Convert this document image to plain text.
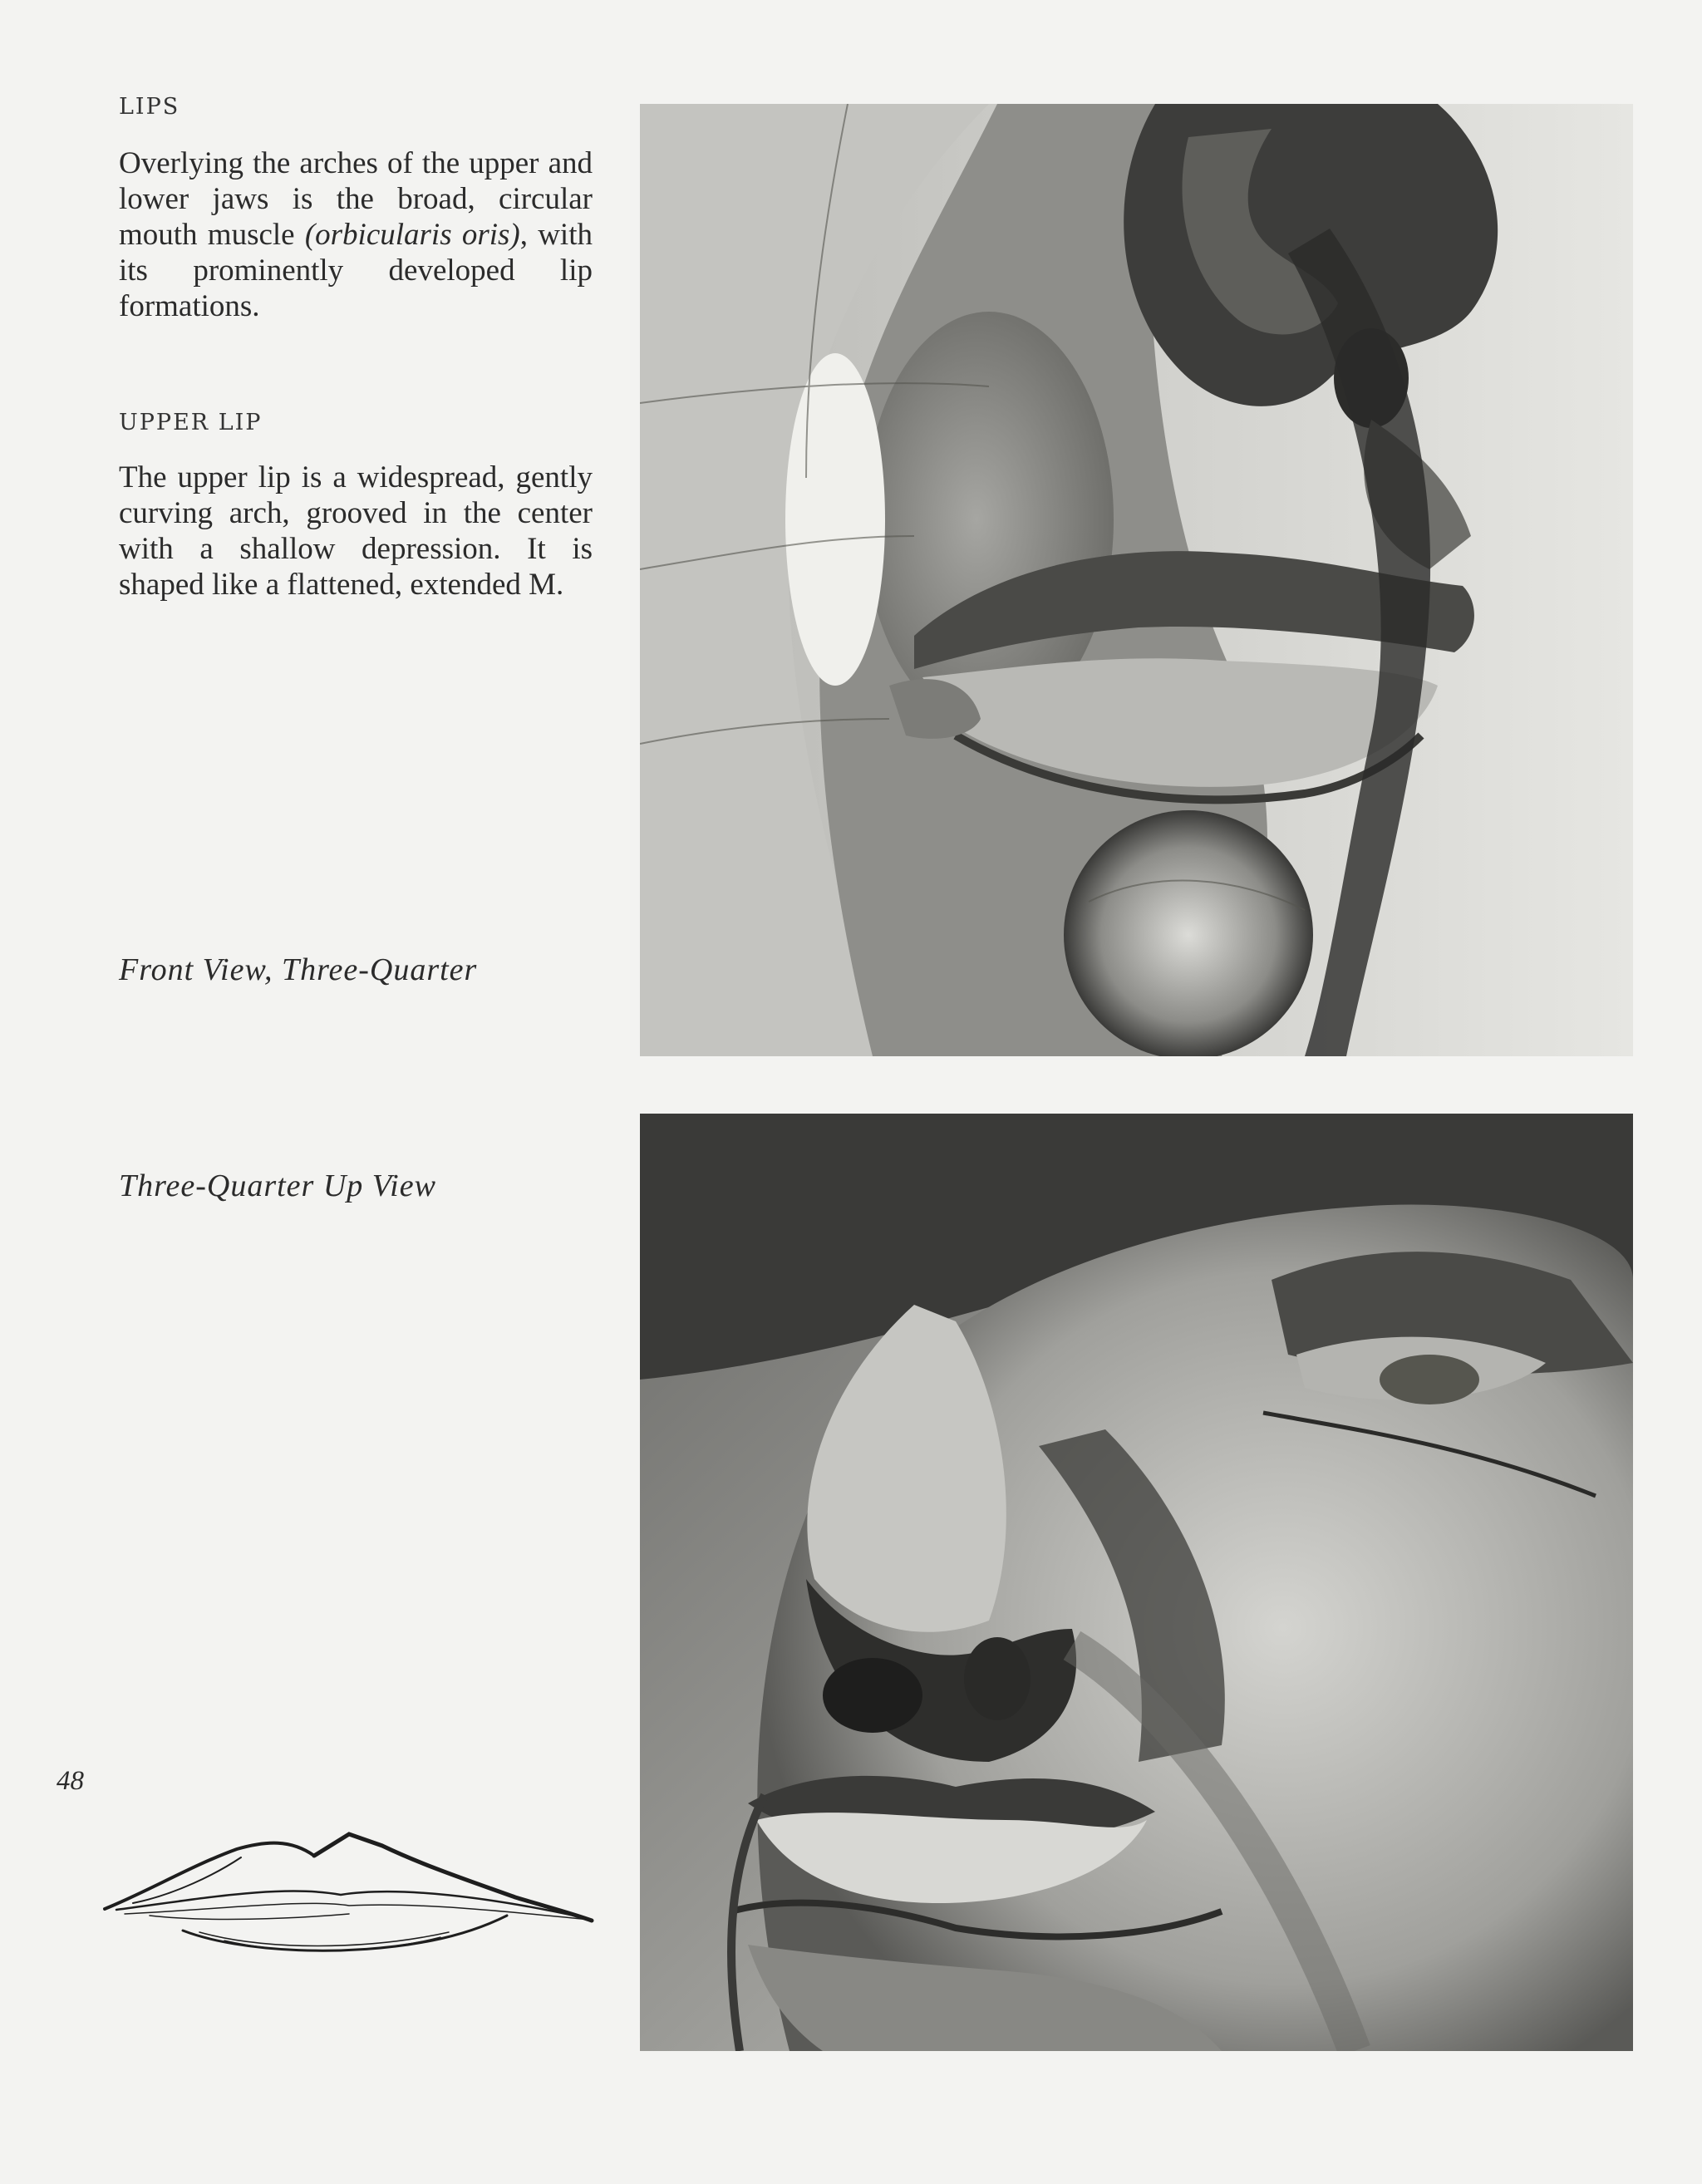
LIPS
Overlying the arches of the upper and lower jaws is the broad, circular mouth muscle (orbicularis oris), with its prominently developed lip formations.
UPPER LIP
The upper lip is a widespread, gently curving arch, grooved in the center with a shallow depression. It is shaped like a flattened, extended M.
Front View, Three-Quarter
Three-Quarter Up View
48
